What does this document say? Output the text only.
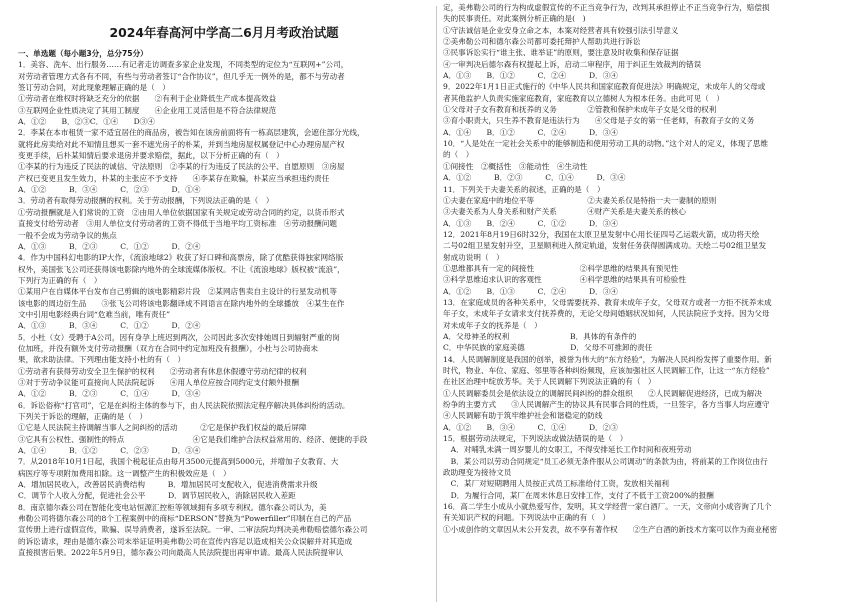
2024年春高河中学高二6月月考政治试题
一、单选题（每小题3分，总分75分）
1．美容、洗车、出行服务……有记者走访调查多家企业发现，不同类型的定位为“互联网+”公司，
对劳动者管理方式各有不同，有些与劳动者签订“合作协议”，但几乎无一例外的是，都不与劳动者
签订劳动合同，对此现象理解正确的是（　）
①劳动者在维权时将缺乏充分的依据　　②有利于企业降低生产成本提高效益
③互联网企业性质决定了其用工制度　　④企业用工灵活但是不符合法律规范
A．①②　　B．②③C．①④　　D③④
2．李某在本市租赁一家不适宜居住的商品房，被告知在该房前面将有一栋高层建筑，会遮住部分光线，
就将此房卖给对此不知情且想买一套不遮光房子的朴某，并到当地房屋权属登记中心办理房屋产权
变更手续，后朴某知情后要求退房并要求赔偿，据此，以下分析正确的有（　）
①李某的行为违反了民法的诚信、守法原则　②李某的行为违反了民法的公平、自愿原则　③房屋
产权已变更且发生效力，朴某的主张应不予支持　　④李某存在欺骗，朴某应当承担违约责任
A．①②　　　B．③④　　　C．②③　　　D．①④
3．劳动者有取得劳动报酬的权利。关于劳动报酬，下列说法正确的是（　）
①劳动报酬就是入们常说的工资　②由用人单位依据国家有关规定或劳动合同的约定，以货币形式
直接支付给劳动者　③用人单位支付劳动者的工资不得低于当地平均工资标准　④劳动报酬问题
一般不会成为劳动争议的焦点
A．①③　　　B．②③　　　C．①②　　　D．②④
4．作为中国科幻电影的IP大作，《流浪地球2》收获了好口碑和高票房，除了优酷获得独家网络版
权外，美国张飞公司还获得该电影除内地外的全球流媒体版权。不让《流浪地球》版权被“流浪”，
下列行为正确的有（　）
①某用户在自媒体平台发布自己剪辑的该电影精彩片段　②某网店售卖自主设计的行星发动机等
该电影的周边衍生品　　③张飞公司将该电影翻译成不同语言在除内地外的全球播放　④某生在作
文中引用电影经典台词“危难当前，唯有责任”
A．①③　　　B．③④　　　C．①②　　　D．②④
5．小杜（女）受聘于A公司，因有身孕上班迟到两次，公司因此多次安排她周日到辐射严重的岗
位加班，并没有额外支付劳动报酬（双方在合同中约定加班没有报酬），小杜与公司协商未
果，欲求助法律。下列理由能支持小杜的有（　）
①劳动者有获得劳动安全卫生保护的权利　　②劳动者有休息休假遵守劳动纪律的权利
③对于劳动争议能可直接向人民法院起诉　　④用人单位应按合同约定支付额外报酬
A．①②　　　B．②③　　　C．①④　　　D．③④
6．诉讼俗称“打官司”，它是在纠纷主体的参与下，由人民法院依照法定程序解决具体纠纷的活动。
下列关于诉讼的理解，正确的是（　）
①它是人民法院主持调解当事人之间纠纷的活动　　　②它是保护我们权益的最后屏障
③它具有公权性、强制性的特点　　　　　　　　　④它是我们维护合法权益常用的、经济、便捷的手段
A．①④　　　B．①②　　　C．②③　　　D．③④
7．从2018年10月1日起，我国个税起征点由每月3500元提高到5000元，并增加子女教育、大
病医疗等专项附加费用扣除。这一调整产生的积极效应是（　）
A．增加居民收入，改善居民消费结构　　　B．增加居民可支配收入，促进消费需求升级
C．调节个人收入分配，促进社会公平　　　D．调节居民收入，消除居民收入差距
8．南京德尔森公司在智能化变电站恒源汇控柜等领域拥有多项专利权。德尔森公司认为，美
弗勒公司将德尔森公司的8个工程案例中的商标“DERSON”替换为“Powerfiller”印制在自己的产品
宣传册上进行虚假宣传，欺骗、误导消费者，遂诉至法院。一审、二审法院均判决美弗勒赔偿德尔森公司
的诉讼请求，理由是德尔森公司未举证证明美弗勒公司在宣传内容足以造成相关公众误解并对其造成
直接损害后果。2022年5月9日，德尔森公司向最高人民法院提出再审申请。最高人民法院提审认
定，美弗勒公司的行为构成虚假宣传的不正当竞争行为，改判其承担停止不正当竞争行为，赔偿损
失的民事责任。对此案例分析正确的是(　)
①守法诚信是企业安身立命之本，本案对经营者具有较强引法引导意义
②美弗勒公司和德尔森公司都可委托辩护人帮助共进行诉讼
③民事诉讼实行“谁主张、谁举证”的原则，要注意及时收集和保存证据
④一审判决后德尔森有权提起上诉，启动二审程序，用于纠正生效裁判的错误
A．①③　　B．①②　　　C．②④　　　D．③④
9．2022年1月1日正式施行的《中华人民共和国家庭教育促进法》明确规定，未成年人的父母或
者其他监护人负责实施家庭教育，家庭教育以立德树人为根本任务。由此可见（　）
①父母对子女有教育和抚养的义务　　　　②管教和保护未成年子女是父母的权利
③育小职责大，只生养不教育是违法行为　　④父母是子女的第一任老师，有教育子女的义务
A．①④　　B．①②　　　C．②④　　　D．③④
10．“人是处在一定社会关系中的能够制造和使用劳动工具的动物。”这个对人的定义，体现了思维
的（　）
①间接性　②概括性　③能动性　④生动性
A．①②　　　B．②③　　　C．①④　　　D．③④
11．下列关于夫妻关系的叙述，正确的是（　）
①夫妻在家庭中的地位平等　　　　　　　②夫妻关系仅是特指一夫一妻制的原则
③夫妻关系为人身关系和财产关系　　　　④财产关系是夫妻关系的核心
A．①③　　B．②④　　　C．①②　　　D．③④
12．2021年8月19日6时32分，我国在太原卫星发射中心用长征四号乙运载火箭，成功将天绘
二号02组卫星发射升空，卫星顺利进入预定轨道，发射任务获得圆满成功。天绘二号02组卫星发
射成功说明（　）
①思维都具有一定的间接性　　　　　　②科学思维的结果具有预见性
③科学思维追求认识的客观性　　　　　④科学思维的结果具有可检验性
A．①②　　B．①③　　　C．②④　　　D．③④
13．在家庭成员的各种关系中，父母需要抚养、教育未成年子女，父母双方或者一方拒不抚养未成
年子女，未成年子女请求支付抚养费的，无论父母间婚姻状况如何，人民法院应予支持。因为父母
对未成年子女的抚养是（　）
A．父母神圣的权利　　　　　　　　B．具体的有条件的
C．中华民族的家庭美德　　　　　　D．父母不可推卸的责任
14．人民调解制度是我国的创举，被誉为伟大的“东方经验”，为解决人民纠纷发挥了重要作用。新
时代，物业、车位、家庭、邻里等各种纠纷频现，应该加强社区人民调解工作，让这一“东方经验”
在社区治理中绽放芳华。关于人民调解下列说法正确的有（　）
①人民调解委员会是依法设立的调解民间纠纷的群众组织　　②人民调解促进经济，已成为解决
纷争的主要方式　　③人民调解产生的协议具有民事合同的性质，一旦签字，各方当事人均应遵守
④人民调解有助于筑牢维护社会和谐稳定的防线
A．①②　　B．③④　　　C．①④　　　D．②③
15．根据劳动法规定，下列说法或做法错误的是（　）
　A．对哺乳未满一周岁婴儿的女职工，不得安排延长工作时间和夜班劳动
　B．某公司以劳动合同规定“员工必须无条件服从公司调动”的条款为由，将前某的工作岗位由行
政助理变为接待文员
　C．某厂对短期聘用人员按正式员工标准给付工资，发放相关福利
　D．为履行合同，某厂在周末休息日安排工作，支付了不低于工资200%的报酬
16．高二学生小成从小就热爱写作，发明，其文学经营一家白酒厂。一天，文帝向小成咨询了几个
有关知识产权的问题。下列说法中正确的有（　）
①小成创作的文章因从未公开发表，故不享有著作权　　②生产白酒的新技术方案可以作为商业秘密
